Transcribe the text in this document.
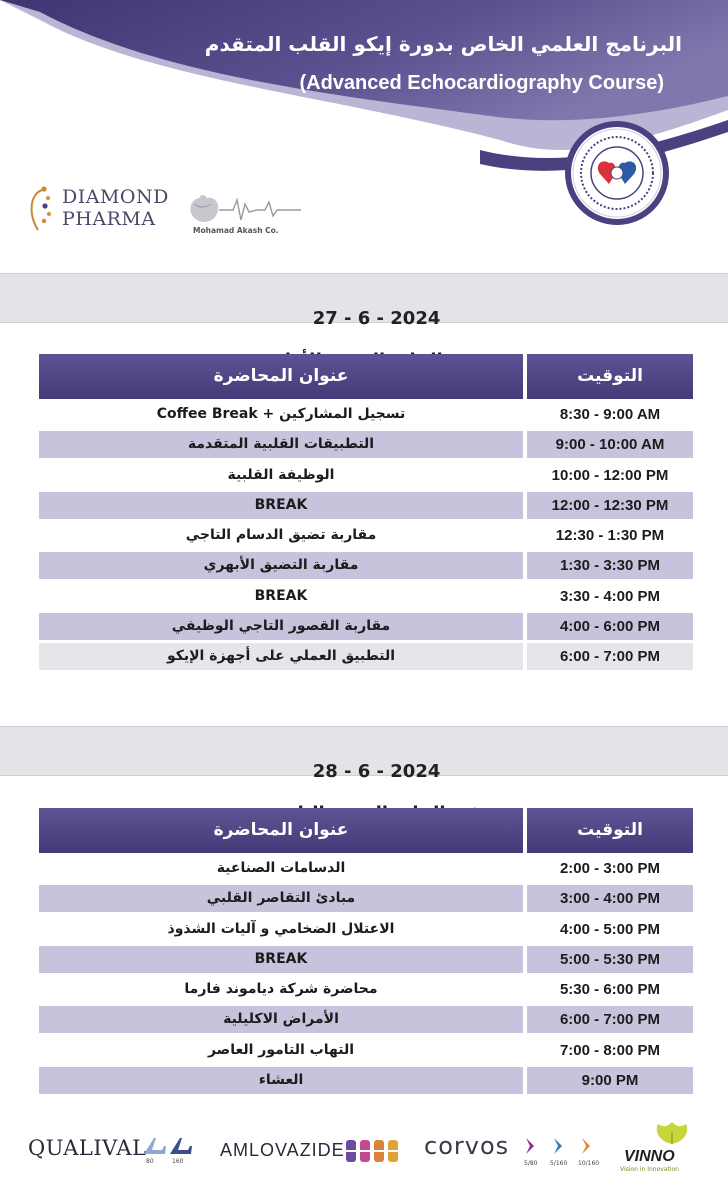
البرنامج العلمي الخاص بدورة إيكو القلب المتقدم
(Advanced Echocardiography Course)
DIAMOND
PHARMA
Mohamad Akash Co.

27 - 6 - 2024

عنوان المحاضرة	التوقيت
تسجيل المشاركين + Coffee Break	8:30 - 9:00 AM
التطبيقات القلبية المتقدمة	9:00 - 10:00 AM
الوظيفة القلبية	10:00 - 12:00 PM
BREAK	12:00 - 12:30 PM
مقاربة تضيق الدسام التاجي	12:30 - 1:30 PM
مقاربة التضيق الأبهري	1:30 - 3:30 PM
BREAK	3:30 - 4:00 PM
مقاربة القصور التاجي الوظيفي	4:00 - 6:00 PM
التطبيق العملي على أجهزة الإيكو	6:00 - 7:00 PM

28 - 6 - 2024

عنوان المحاضرة	التوقيت
الدسامات الصناعية	2:00 - 3:00 PM
مبادئ التقاصر القلبي	3:00 - 4:00 PM
الاعتلال الضخامي و آليات الشذوذ	4:00 - 5:00 PM
BREAK	5:00 - 5:30 PM
محاضرة شركة دياموند فارما	5:30 - 6:00 PM
الأمراض الاكليلية	6:00 - 7:00 PM
التهاب التامور العاصر	7:00 - 8:00 PM
العشاء	9:00 PM
QUALIVAL
80	160
AMLOVAZIDE	corvos
5/80 5/160 10/160 VINNO
Vision in Innovation
